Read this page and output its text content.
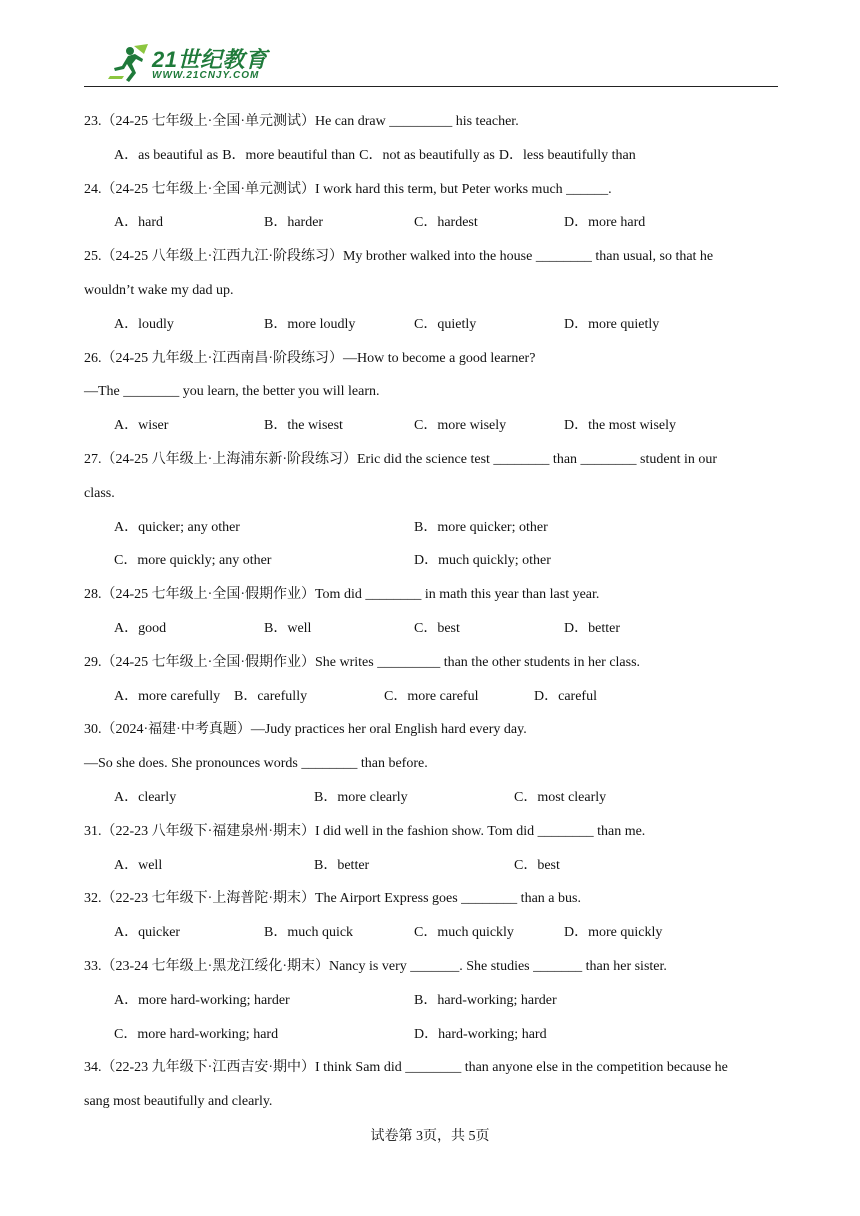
21世纪教育
WWW.21CNJY.COM
23.（24-25 七年级上·全国·单元测试）He can draw _________ his teacher.
A．as beautiful as B．more beautiful than C．not as beautifully as D．less beautifully than
24.（24-25 七年级上·全国·单元测试）I work hard this term, but Peter works much ______.
A．hard	B．harder	C．hardest	D．more hard
25.（24-25 八年级上·江西九江·阶段练习）My brother walked into the house ________ than usual, so that he
wouldn’t wake my dad up.
A．loudly	B．more loudly	C．quietly	D．more quietly
26.（24-25 九年级上·江西南昌·阶段练习）—How to become a good learner?
—The ________ you learn, the better you will learn.
A．wiser	B．the wisest	C．more wisely	D．the most wisely
27.（24-25 八年级上·上海浦东新·阶段练习）Eric did the science test ________ than ________ student in our
class.
A．quicker; any other	B．more quicker; other
C．more quickly; any other	D．much quickly; other
28.（24-25 七年级上·全国·假期作业）Tom did ________ in math this year than last year.
A．good	B．well	C．best	D．better
29.（24-25 七年级上·全国·假期作业）She writes _________ than the other students in her class.
A．more carefully B．carefully	C．more careful	D．careful
30.（2024·福建·中考真题）—Judy practices her oral English hard every day.
—So she does. She pronounces words ________ than before.
A．clearly	B．more clearly	C．most clearly
31.（22-23 八年级下·福建泉州·期末）I did well in the fashion show. Tom did ________ than me.
A．well	B．better	C．best
32.（22-23 七年级下·上海普陀·期末）The Airport Express goes ________ than a bus.
A．quicker	B．much quick	C．much quickly	D．more quickly
33.（23-24 七年级上·黑龙江绥化·期末）Nancy is very _______. She studies _______ than her sister.
A．more hard-working; harder	B．hard-working; harder
C．more hard-working; hard	D．hard-working; hard
34.（22-23 九年级下·江西吉安·期中）I think Sam did ________ than anyone else in the competition because he
sang most beautifully and clearly.
试卷第 3页，共 5页
